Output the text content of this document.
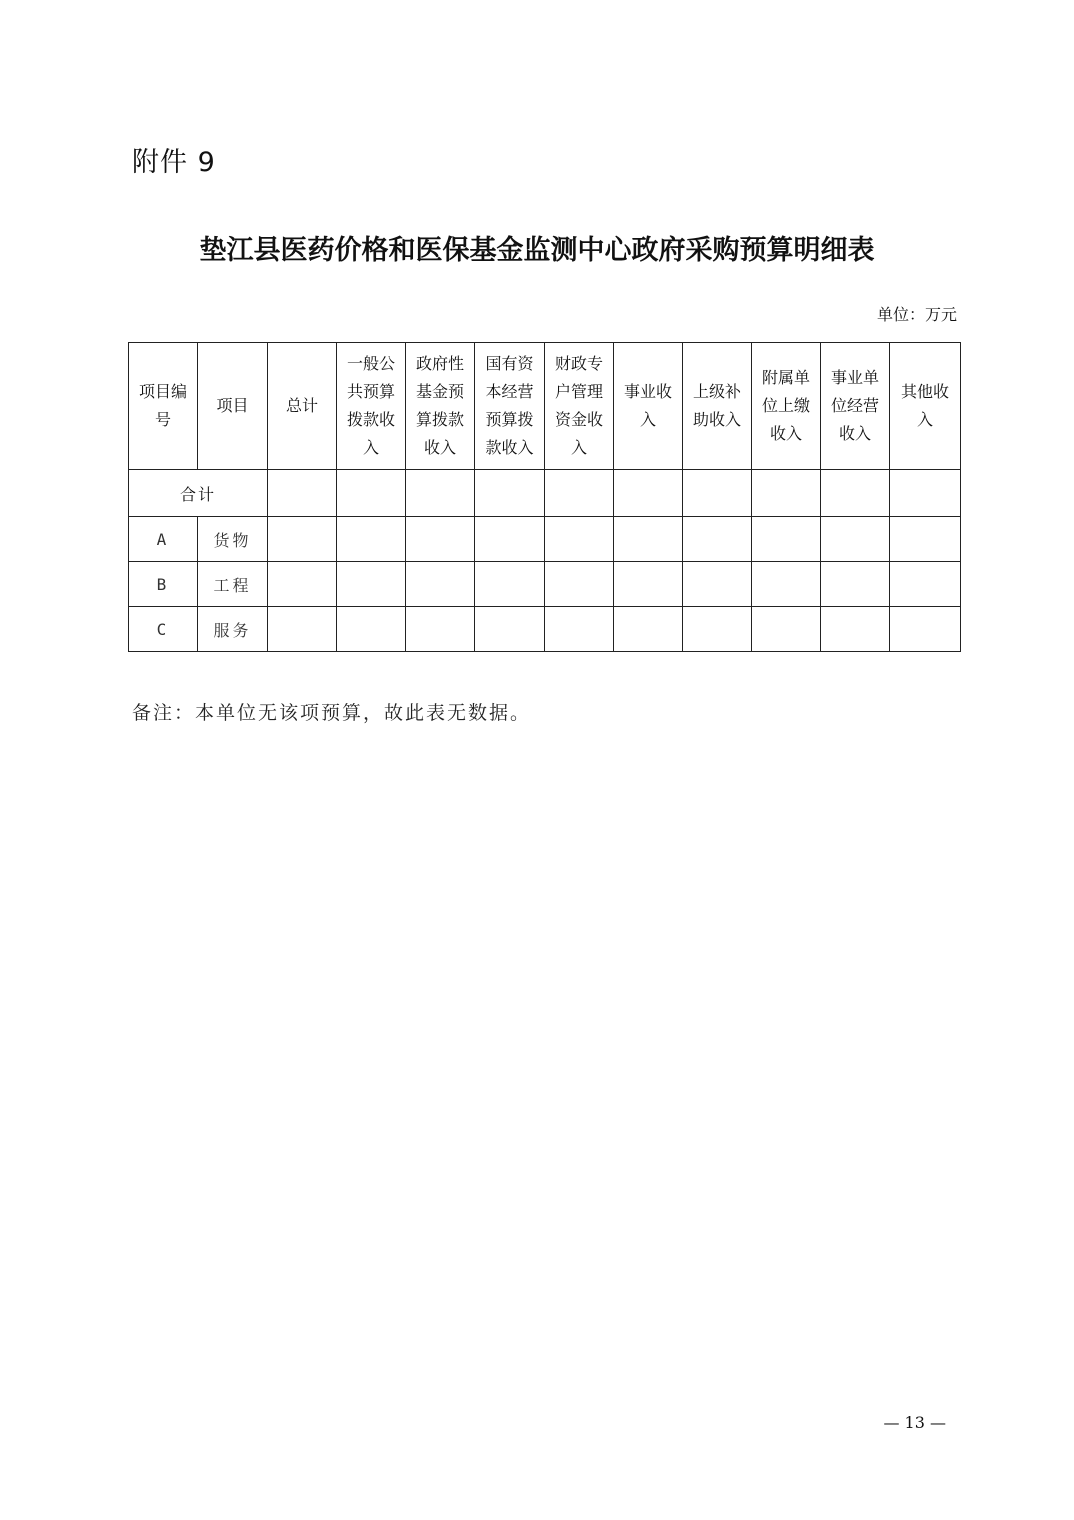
附件 9
垫江县医药价格和医保基金监测中心政府采购预算明细表
单位：万元
项目编号	项目	总计	一般公共预算拨款收入	政府性基金预算拨款收入	国有资本经营预算拨款收入	财政专户管理资金收入	事业收入	上级补助收入	附属单位上缴收入	事业单位经营收入	其他收入
合计											
A	货物										
B	工程										
C	服务										
备注：本单位无该项预算，故此表无数据。
— 13 —
